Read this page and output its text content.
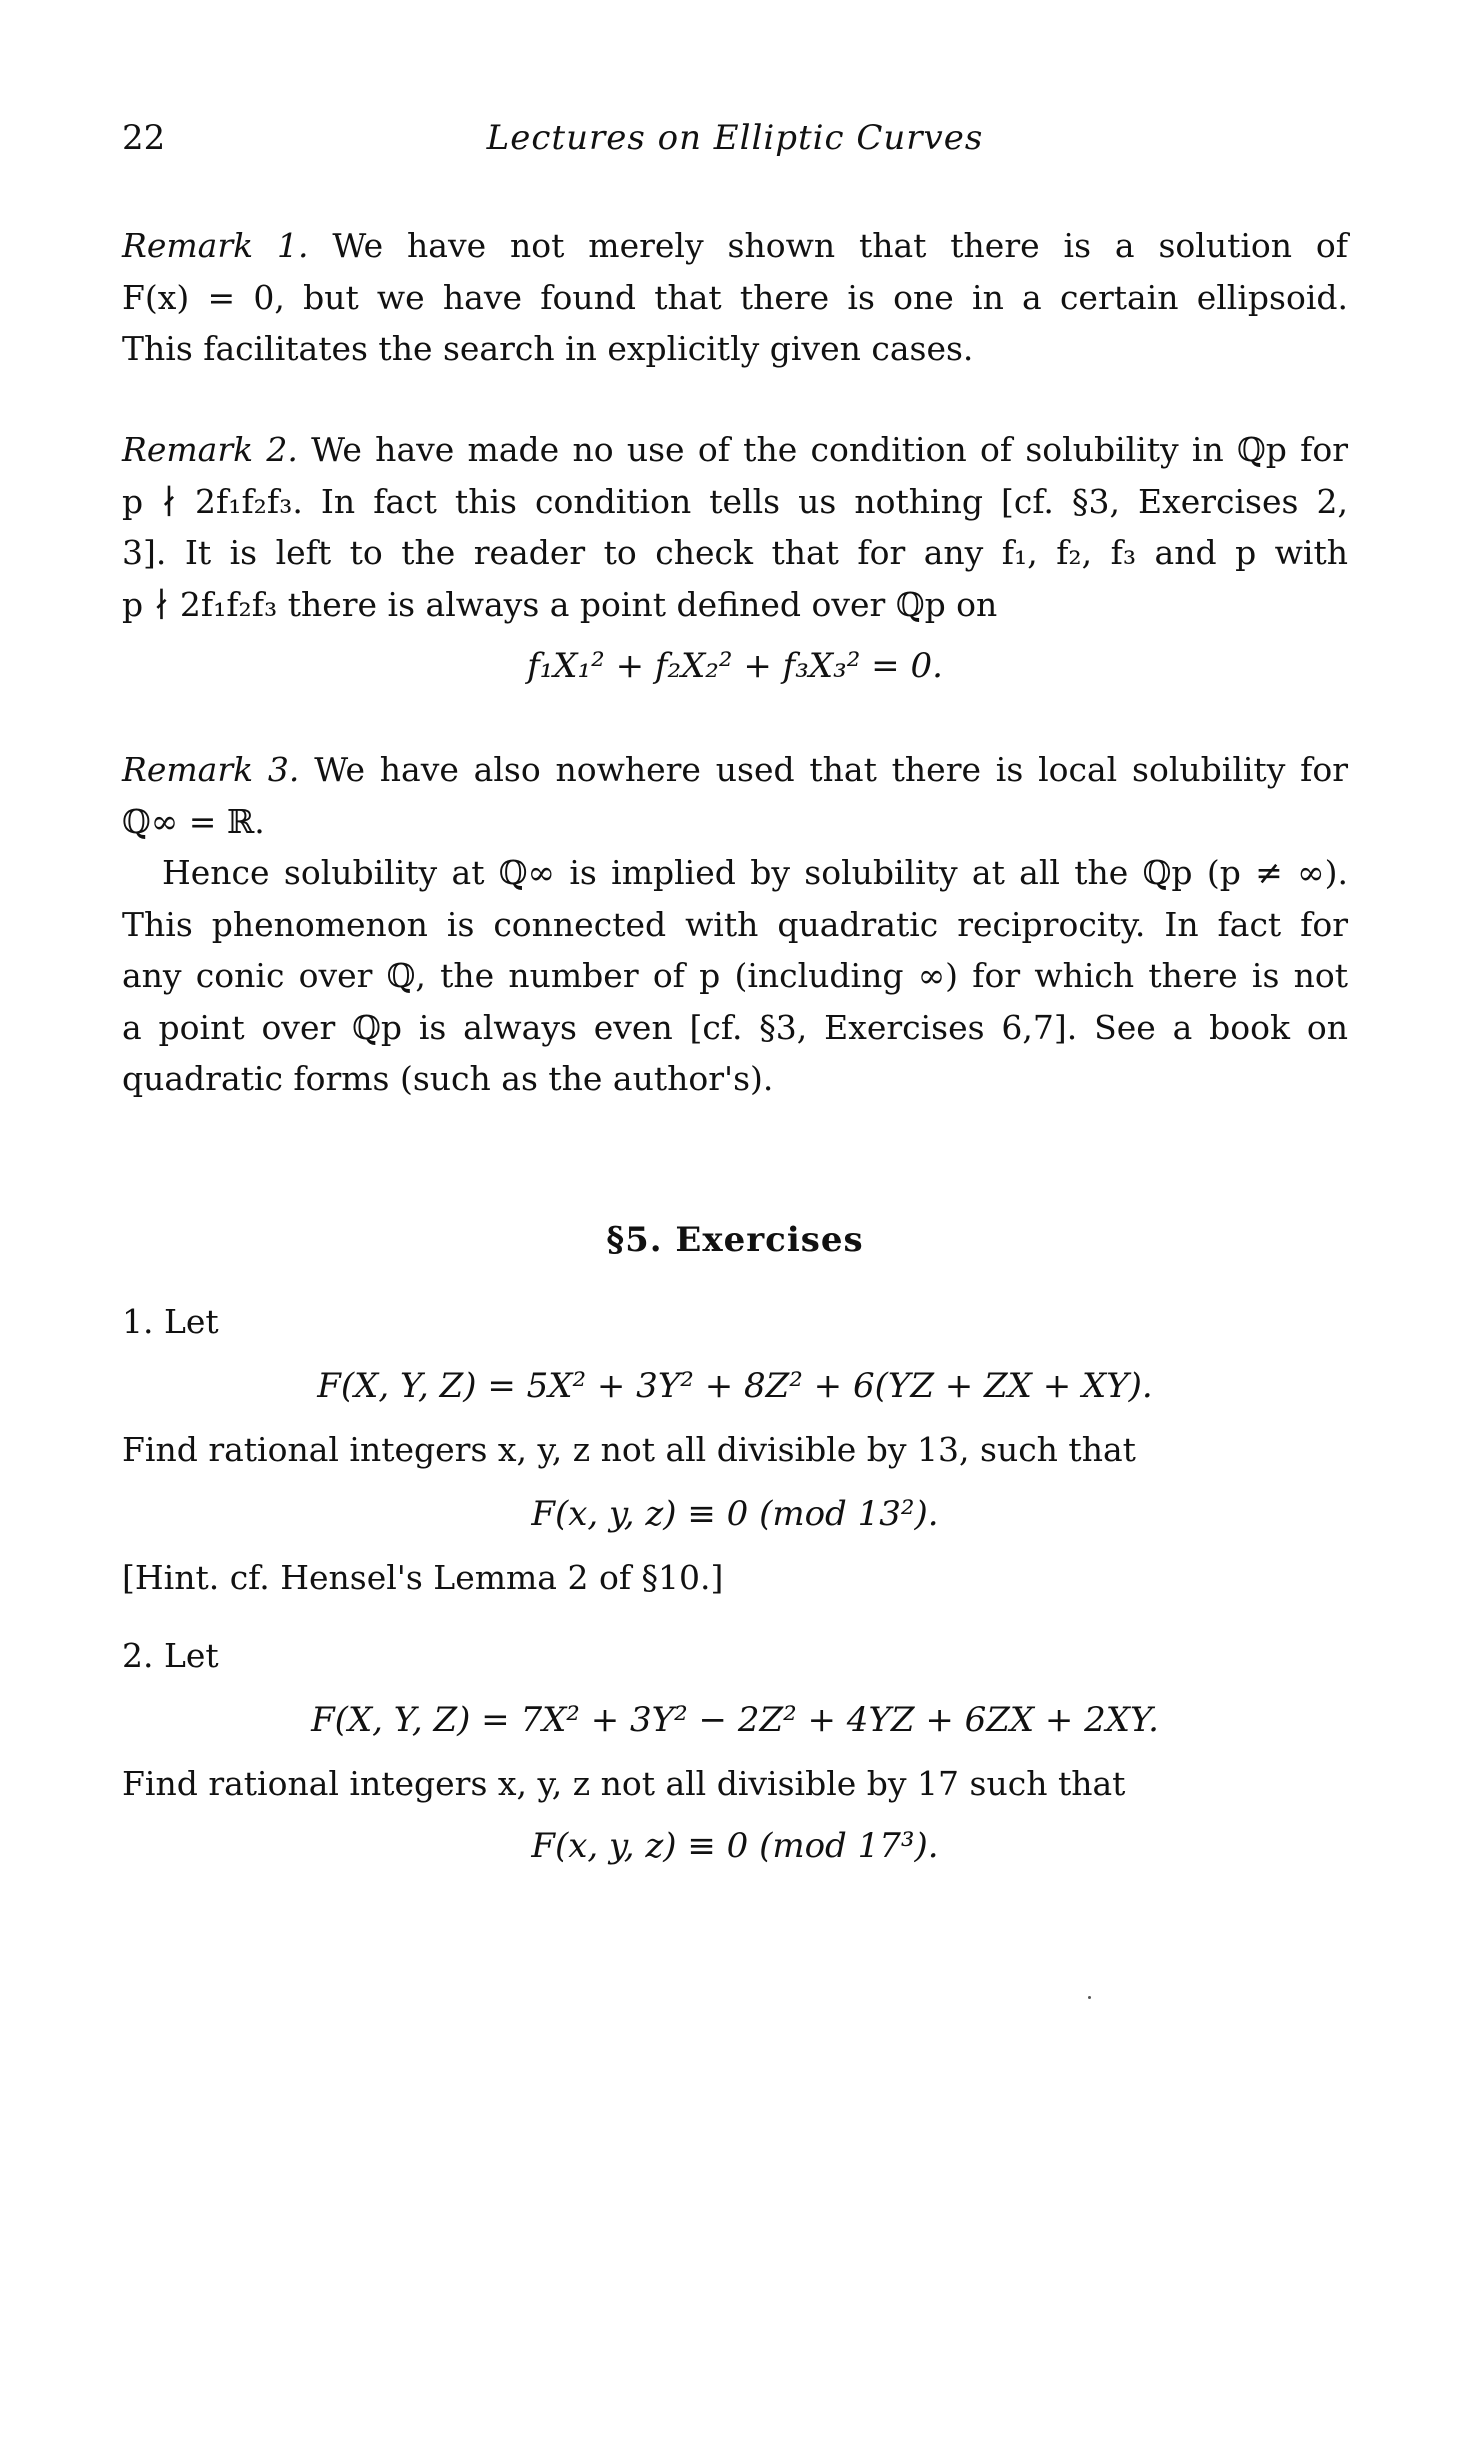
22	Lectures on Elliptic Curves
Remark 1. We have not merely shown that there is a solution of
F(x) = 0, but we have found that there is one in a certain ellipsoid.
This facilitates the search in explicitly given cases.
Remark 2. We have made no use of the condition of solubility in ℚp for
p ∤ 2f₁f₂f₃. In fact this condition tells us nothing [cf. §3, Exercises 2,
3]. It is left to the reader to check that for any f₁, f₂, f₃ and p with
p ∤ 2f₁f₂f₃ there is always a point defined over ℚp on
f₁X₁² + f₂X₂² + f₃X₃² = 0.
Remark 3. We have also nowhere used that there is local solubility for
ℚ∞ = ℝ.
Hence solubility at ℚ∞ is implied by solubility at all the ℚp (p ≠ ∞).
This phenomenon is connected with quadratic reciprocity. In fact for
any conic over ℚ, the number of p (including ∞) for which there is not
a point over ℚp is always even [cf. §3, Exercises 6,7]. See a book on
quadratic forms (such as the author's).
§5. Exercises
1. Let
F(X, Y, Z) = 5X² + 3Y² + 8Z² + 6(YZ + ZX + XY).
Find rational integers x, y, z not all divisible by 13, such that
F(x, y, z) ≡ 0 (mod 13²).
[Hint. cf. Hensel's Lemma 2 of §10.]
2. Let
F(X, Y, Z) = 7X² + 3Y² − 2Z² + 4YZ + 6ZX + 2XY.
Find rational integers x, y, z not all divisible by 17 such that
F(x, y, z) ≡ 0 (mod 17³).
